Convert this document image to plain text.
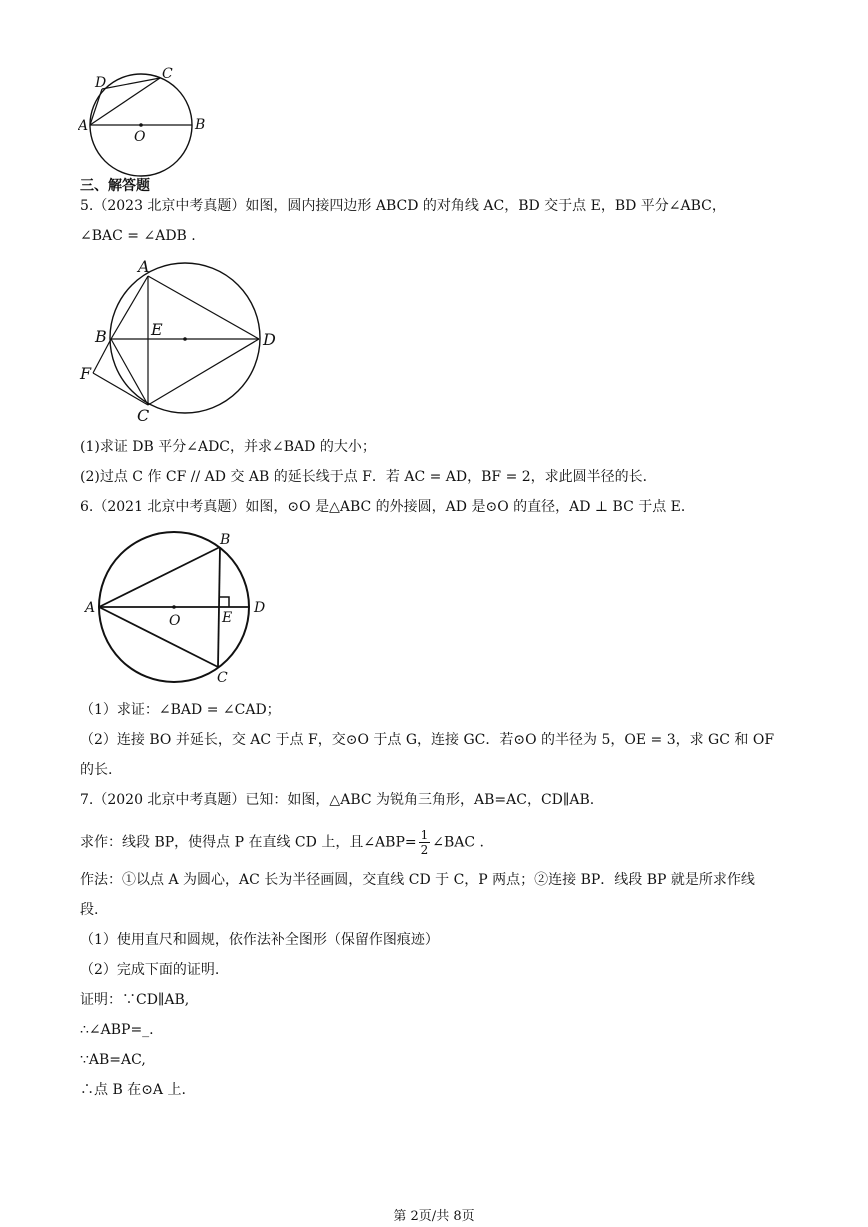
A	B
C
D
O
三、解答题
5.（2023 北京中考真题）如图，圆内接四边形 ABCD 的对角线 AC，BD 交于点 E，BD 平分∠ABC，
∠BAC = ∠ADB .
A
B
C
D
E
F
(1)求证 DB 平分∠ADC，并求∠BAD 的大小；
(2)过点 C 作 CF // AD 交 AB 的延长线于点 F．若 AC = AD，BF = 2，求此圆半径的长．
6.（2021 北京中考真题）如图，⊙O 是△ABC 的外接圆，AD 是⊙O 的直径，AD ⊥ BC 于点 E．
A
B
C
D
E
O
（1）求证：∠BAD = ∠CAD；
（2）连接 BO 并延长，交 AC 于点 F，交⊙O 于点 G，连接 GC．若⊙O 的半径为 5，OE = 3，求 GC 和 OF
的长.
7.（2020 北京中考真题）已知：如图，△ABC 为锐角三角形，AB=AC，CD∥AB.
求作：线段 BP，使得点 P 在直线 CD 上，且∠ABP= $\frac{1}{2}$ ∠BAC .
作法：①以点 A 为圆心，AC 长为半径画圆，交直线 CD 于 C，P 两点；②连接 BP．线段 BP 就是所求作线
段.
（1）使用直尺和圆规，依作法补全图形（保留作图痕迹）
（2）完成下面的证明.
证明：∵CD∥AB,
∴∠ABP=_.
∵AB=AC,
∴点 B 在⊙A 上.
第 2页/共 8页
